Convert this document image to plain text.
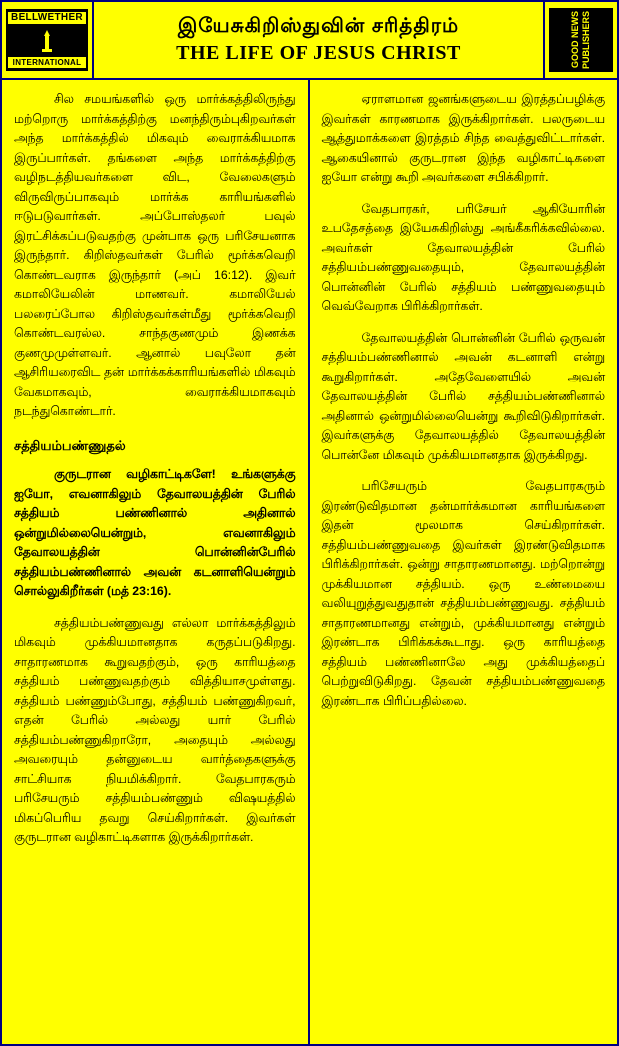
BELLWETHER
INTERNATIONAL
இயேசுகிறிஸ்துவின் சரித்திரம்
THE LIFE OF JESUS CHRIST	GOOD NEWS PUBLISHERS

சில சமயங்களில் ஒரு மார்க்கத்திலிருந்து மற்றொரு மார்க்கத்திற்கு மனந்திரும்புகிறவர்கள் அந்த மார்க்கத்தில் மிகவும் வைராக்கியமாக இருப்பார்கள். தங்களை அந்த மார்க்கத்திற்கு வழிநடத்தியவர்களை விட, வேலைகளும் விருவிருப்பாகவும் மார்க்க காரியங்களில் ஈடுபடுவார்கள். அப்போஸ்தலர் பவுல் இரட்சிக்கப்படுவதற்கு முன்பாக ஒரு பரிசேயனாக இருந்தார். கிறிஸ்தவர்கள் பேரில் மூர்க்கவெறி கொண்டவராக இருந்தார் (அப் 16:12). இவர் கமாலியேலின் மாணவர். கமாலியேல் பலரைப்போல கிறிஸ்தவர்கள்மீது மூர்க்கவெறி கொண்டவரல்ல. சாந்தகுணமும் இணக்க குணமுமுள்ளவர். ஆனால் பவுலோ தன் ஆசிரியரைவிட தன் மார்க்கக்காரியங்களில் மிகவும் வேகமாகவும், வைராக்கியமாகவும் நடந்துகொண்டார்.

சத்தியம்பண்ணுதல்

குருடரான வழிகாட்டிகளே! உங்களுக்கு ஐயோ, எவனாகிலும் தேவாலயத்தின் பேரில் சத்தியம் பண்ணினால் அதினால் ஒன்றுமில்லையென்றும், எவனாகிலும் தேவாலயத்தின் பொன்னின்பேரில் சத்தியம்பண்ணினால் அவன் கடனாளியென்றும் சொல்லுகிறீர்கள் (மத் 23:16).

சத்தியம்பண்ணுவது எல்லா மார்க்கத்திலும் மிகவும் முக்கியமானதாக கருதப்படுகிறது. சாதாரணமாக கூறுவதற்கும், ஒரு காரியத்தை சத்தியம் பண்ணுவதற்கும் வித்தியாசமுள்ளது. சத்தியம் பண்ணும்போது, சத்தியம் பண்ணுகிறவர், எதன் பேரில் அல்லது யார் பேரில் சத்தியம்பண்ணுகிறாரோ, அதையும் அல்லது அவரையும் தன்னுடைய வார்த்தைகளுக்கு சாட்சியாக நியமிக்கிறார். வேதபாரகரும் பரிசேயரும் சத்தியம்பண்ணும் விஷயத்தில் மிகப்பெரிய தவறு செய்கிறார்கள். இவர்கள் குருடரான வழிகாட்டிகளாக இருக்கிறார்கள்.

ஏராளமான ஜனங்களுடைய இரத்தப்பழிக்கு இவர்கள் காரணமாக இருக்கிறார்கள். பலருடைய ஆத்துமாக்களை இரத்தம் சிந்த வைத்துவிட்டார்கள். ஆகையினால் குருடரான இந்த வழிகாட்டிகளை ஐயோ என்று கூறி அவர்களை சபிக்கிறார்.

வேதபாரகர், பரிசேயர் ஆகியோரின் உபதேசத்தை இயேசுகிறிஸ்து அங்கீகரிக்கவில்லை. அவர்கள் தேவாலயத்தின் பேரில் சத்தியம்பண்ணுவதையும், தேவாலயத்தின் பொன்னின் பேரில் சத்தியம் பண்ணுவதையும் வெவ்வேறாக பிரிக்கிறார்கள்.

தேவாலயத்தின் பொன்னின் பேரில் ஒருவன் சத்தியம்பண்ணினால் அவன் கடனாளி என்று கூறுகிறார்கள். அதேவேளையில் அவன் தேவாலயத்தின் பேரில் சத்தியம்பண்ணினால் அதினால் ஒன்றுமில்லையென்று கூறிவிடுகிறார்கள். இவர்களுக்கு தேவாலயத்தில் தேவாலயத்தின் பொன்னே மிகவும் முக்கியமானதாக இருக்கிறது.

பரிசேயரும் வேதபாரகரும் இரண்டுவிதமான தன்மார்க்கமான காரியங்களை இதன் மூலமாக செய்கிறார்கள். சத்தியம்பண்ணுவதை இவர்கள் இரண்டுவிதமாக பிரிக்கிறார்கள். ஒன்று சாதாரணமானது. மற்றொன்று முக்கியமான சத்தியம். ஒரு உண்மையை வலியுறுத்துவதுதான் சத்தியம்பண்ணுவது. சத்தியம் சாதாரணமானது என்றும், முக்கியமானது என்றும் இரண்டாக பிரிக்கக்கூடாது. ஒரு காரியத்தை சத்தியம் பண்ணினாலே அது முக்கியத்தைப் பெற்றுவிடுகிறது. தேவன் சத்தியம்பண்ணுவதை இரண்டாக பிரிப்பதில்லை.
